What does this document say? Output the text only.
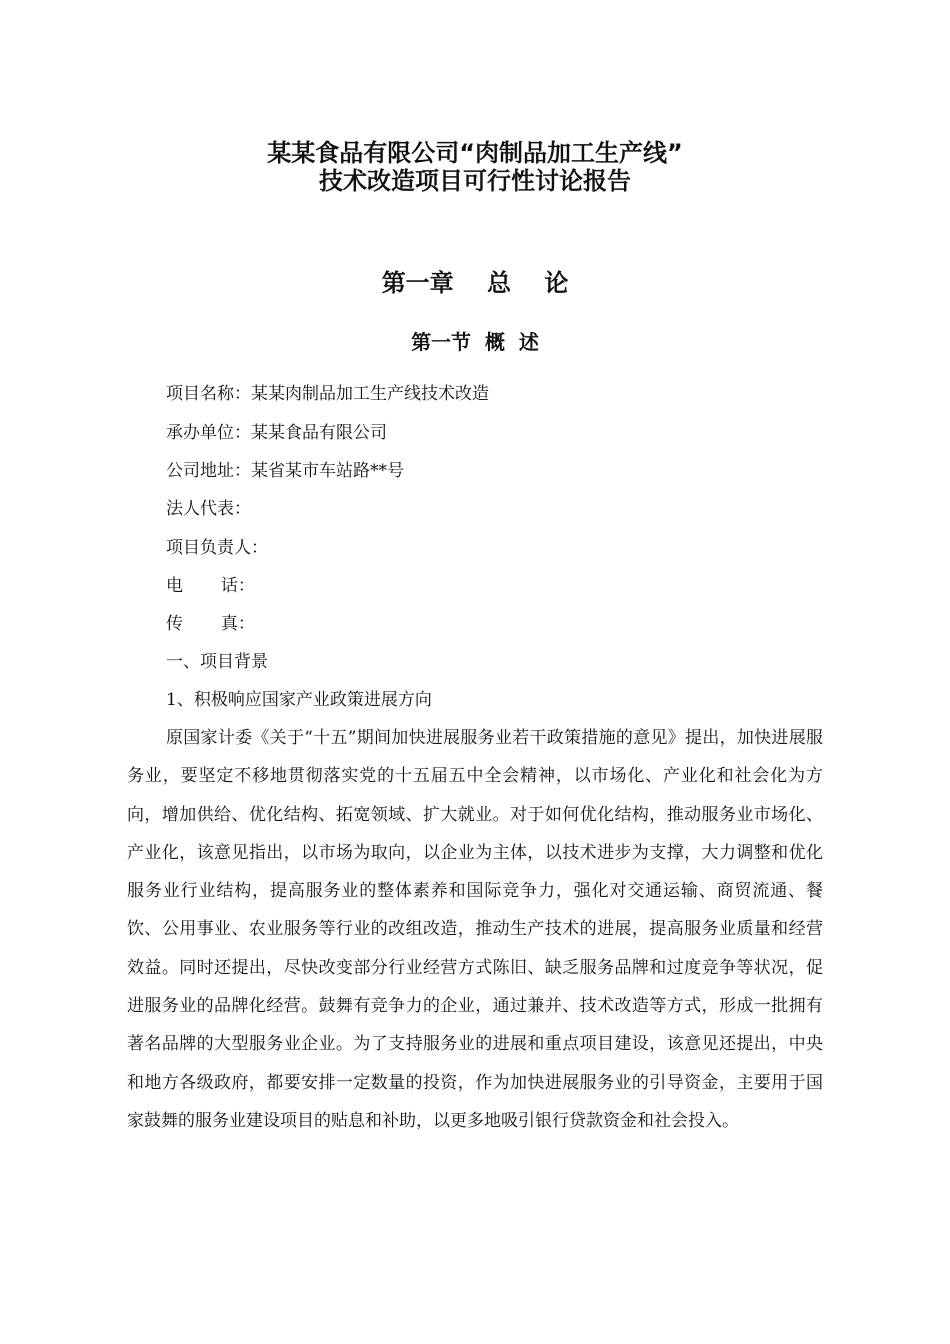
某某食品有限公司“肉制品加工生产线”
技术改造项目可行性讨论报告
第一章    总    论
第一节  概  述
项目名称：某某肉制品加工生产线技术改造
承办单位：某某食品有限公司
公司地址：某省某市车站路**号
法人代表：
项目负责人：
电       话：
传       真：
一、项目背景
1、积极响应国家产业政策进展方向
原国家计委《关于“十五”期间加快进展服务业若干政策措施的意见》提出，加快进展服务业，要坚定不移地贯彻落实党的十五届五中全会精神，以市场化、产业化和社会化为方向，增加供给、优化结构、拓宽领域、扩大就业。对于如何优化结构，推动服务业市场化、产业化，该意见指出，以市场为取向，以企业为主体，以技术进步为支撑，大力调整和优化服务业行业结构，提高服务业的整体素养和国际竞争力，强化对交通运输、商贸流通、餐饮、公用事业、农业服务等行业的改组改造，推动生产技术的进展，提高服务业质量和经营效益。同时还提出，尽快改变部分行业经营方式陈旧、缺乏服务品牌和过度竞争等状况，促进服务业的品牌化经营。鼓舞有竞争力的企业，通过兼并、技术改造等方式，形成一批拥有著名品牌的大型服务业企业。为了支持服务业的进展和重点项目建设，该意见还提出，中央和地方各级政府，都要安排一定数量的投资，作为加快进展服务业的引导资金，主要用于国家鼓舞的服务业建设项目的贴息和补助，以更多地吸引银行贷款资金和社会投入。
